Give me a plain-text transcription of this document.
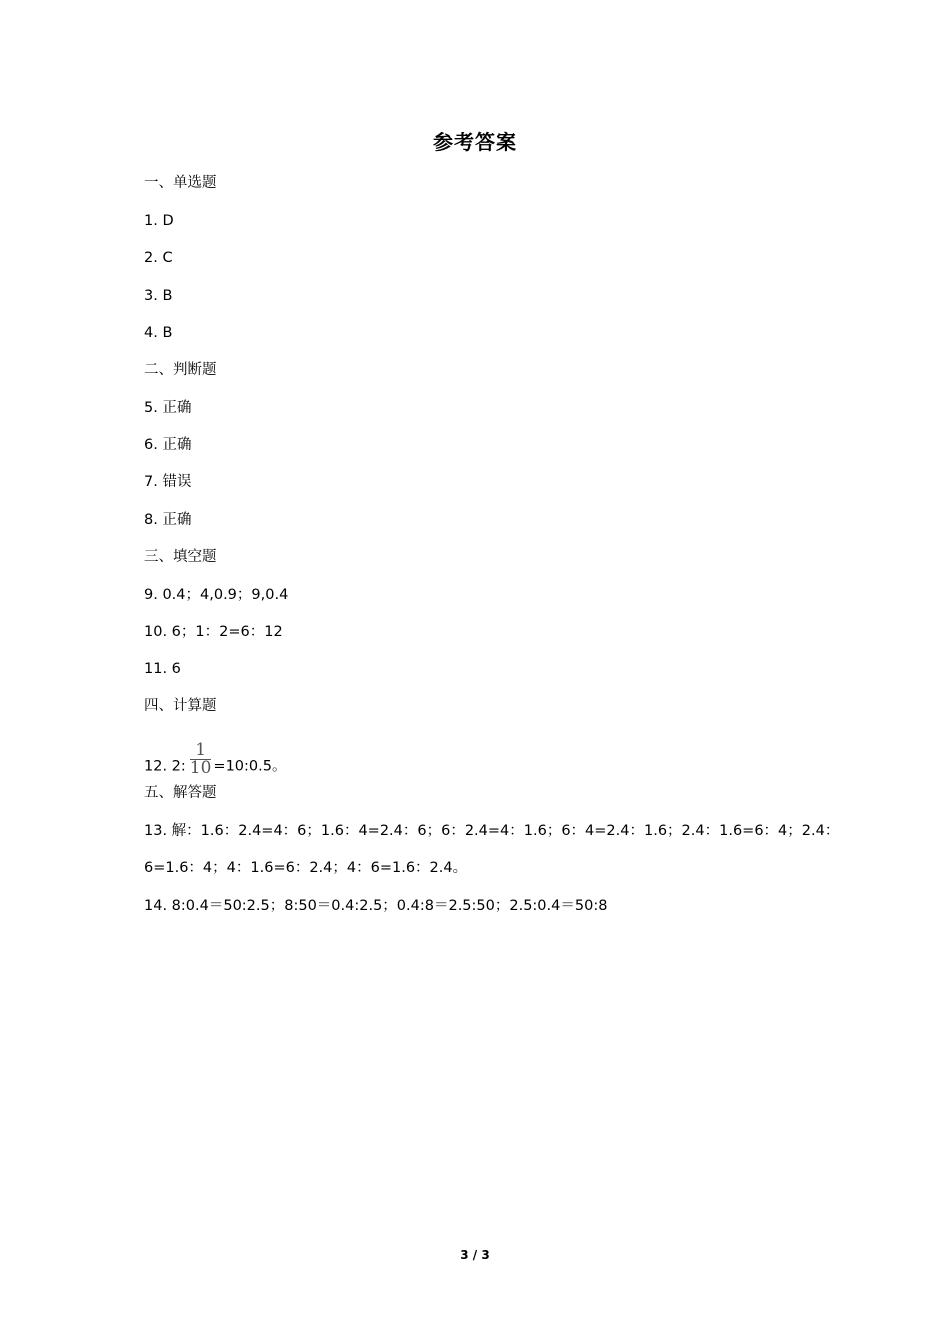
参考答案
一、单选题
1. D
2. C
3. B
4. B
二、判断题
5. 正确
6. 正确
7. 错误
8. 正确
三、填空题
9. 0.4；4,0.9；9,0.4
10. 6；1：2=6：12
11. 6
四、计算题
12. 2: $\frac{1}{10}$ =10:0.5。
五、解答题
13. 解：1.6：2.4=4：6；1.6：4=2.4：6；6：2.4=4：1.6；6：4=2.4：1.6；2.4：1.6=6：4；2.4：
6=1.6：4；4：1.6=6：2.4；4：6=1.6：2.4。
14. 8:0.4＝50:2.5；8:50＝0.4:2.5；0.4:8＝2.5:50；2.5:0.4＝50:8
3 / 3
